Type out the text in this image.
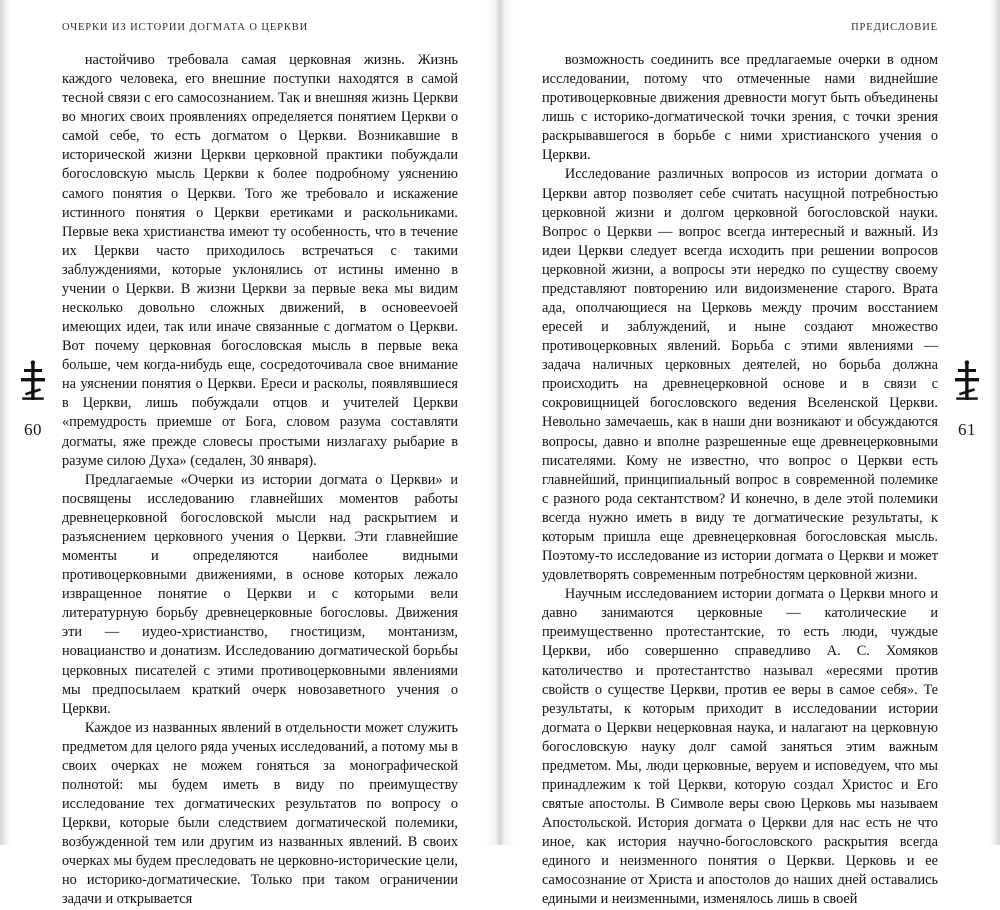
ОЧЕРКИ ИЗ ИСТОРИИ ДОГМАТА О ЦЕРКВИ

настойчиво требовала самая церковная жизнь. Жизнь каждого человека, его внешние поступки находятся в самой тесной связи с его самосознанием. Так и внешняя жизнь Церкви во многих своих проявлениях определяется понятием Церкви о самой себе, то есть догматом о Церкви. Возникавшие в исторической жизни Церкви церковной практики побуждали богословскую мысль Церкви к более подробному уяснению самого понятия о Церкви. Того же требовало и искажение истинного понятия о Церкви еретиками и раскольниками. Первые века христианства имеют ту особенность, что в течение их Церкви часто приходилось встречаться с такими заблуждениями, которые уклонялись от истины именно в учении о Церкви. В жизни Церкви за первые века мы видим несколько довольно сложных движений, в основеevoей имеющих идеи, так или иначе связанные с догматом о Церкви. Вот почему церковная богословская мысль в первые века больше, чем когда-нибудь еще, сосредоточивала свое внимание на уяснении понятия о Церкви. Ереси и расколы, появлявшиеся в Церкви, лишь побуждали отцов и учителей Церкви «премудрость приемше от Бога, словом разума составляти догматы, яже прежде словесы простыми низлагаху рыбарие в разуме силою Духа» (седален, 30 января).

Предлагаемые «Очерки из истории догмата о Церкви» и посвящены исследованию главнейших моментов работы древнецерковной богословской мысли над раскрытием и разъяснением церковного учения о Церкви. Эти главнейшие моменты и определяются наиболее видными противоцерковными движениями, в основе которых лежало извращенное понятие о Церкви и с которыми вели литературную борьбу древнецерковные богословы. Движения эти — иудео-христианство, гностицизм, монтанизм, новацианство и донатизм. Исследованию догматической борьбы церковных писателей с этими противоцерковными явлениями мы предпосылаем краткий очерк новозаветного учения о Церкви.

Каждое из названных явлений в отдельности может служить предметом для целого ряда ученых исследований, а потому мы в своих очерках не можем гоняться за монографической полнотой: мы будем иметь в виду по преимуществу исследование тех догматических результатов по вопросу о Церкви, которые были следствием догматической полемики, возбужденной тем или другим из названных явлений. В своих очерках мы будем преследовать не церковно-исторические цели, но историко-догматические. Только при таком ограничении задачи и открывается

60
ПРЕДИСЛОВИЕ

возможность соединить все предлагаемые очерки в одном исследовании, потому что отмеченные нами виднейшие противоцерковные движения древности могут быть объединены лишь с историко-догматической точки зрения, с точки зрения раскрывавшегося в борьбе с ними христианского учения о Церкви.

Исследование различных вопросов из истории догмата о Церкви автор позволяет себе считать насущной потребностью церковной жизни и долгом церковной богословской науки. Вопрос о Церкви — вопрос всегда интересный и важный. Из идеи Церкви следует всегда исходить при решении вопросов церковной жизни, а вопросы эти нередко по существу своему представляют повторению или видоизменение старого. Врата ада, ополчающиеся на Церковь между прочим восстанием ересей и заблуждений, и ныне создают множество противоцерковных явлений. Борьба с этими явлениями — задача наличных церковных деятелей, но борьба должна происходить на древнецерковной основе и в связи с сокровищницей богословского ведения Вселенской Церкви. Невольно замечаешь, как в наши дни возникают и обсуждаются вопросы, давно и вполне разрешенные еще древнецерковными писателями. Кому не известно, что вопрос о Церкви есть главнейший, принципиальный вопрос в современной полемике с разного рода сектантством? И конечно, в деле этой полемики всегда нужно иметь в виду те догматические результаты, к которым пришла еще древнецерковная богословская мысль. Поэтому-то исследование из истории догмата о Церкви и может удовлетворять современным потребностям церковной жизни.

Научным исследованием истории догмата о Церкви много и давно занимаются церковные — католические и преимущественно протестантские, то есть люди, чуждые Церкви, ибо совершенно справедливо А. С. Хомяков католичество и протестантство называл «ересями против свойств о существе Церкви, против ее веры в самое себя». Те результаты, к которым приходит в исследовании истории догмата о Церкви нецерковная наука, и налагают на церковную богословскую науку долг самой заняться этим важным предметом. Мы, люди церковные, веруем и исповедуем, что мы принадлежим к той Церкви, которую создал Христос и Его святые апостолы. В Символе веры свою Церковь мы называем Апостольской. История догмата о Церкви для нас есть не что иное, как история научно-богословского раскрытия всегда единого и неизменного понятия о Церкви. Церковь и ее самосознание от Христа и апостолов до наших дней оставались едиными и неизменными, изменялось лишь в своей

61
